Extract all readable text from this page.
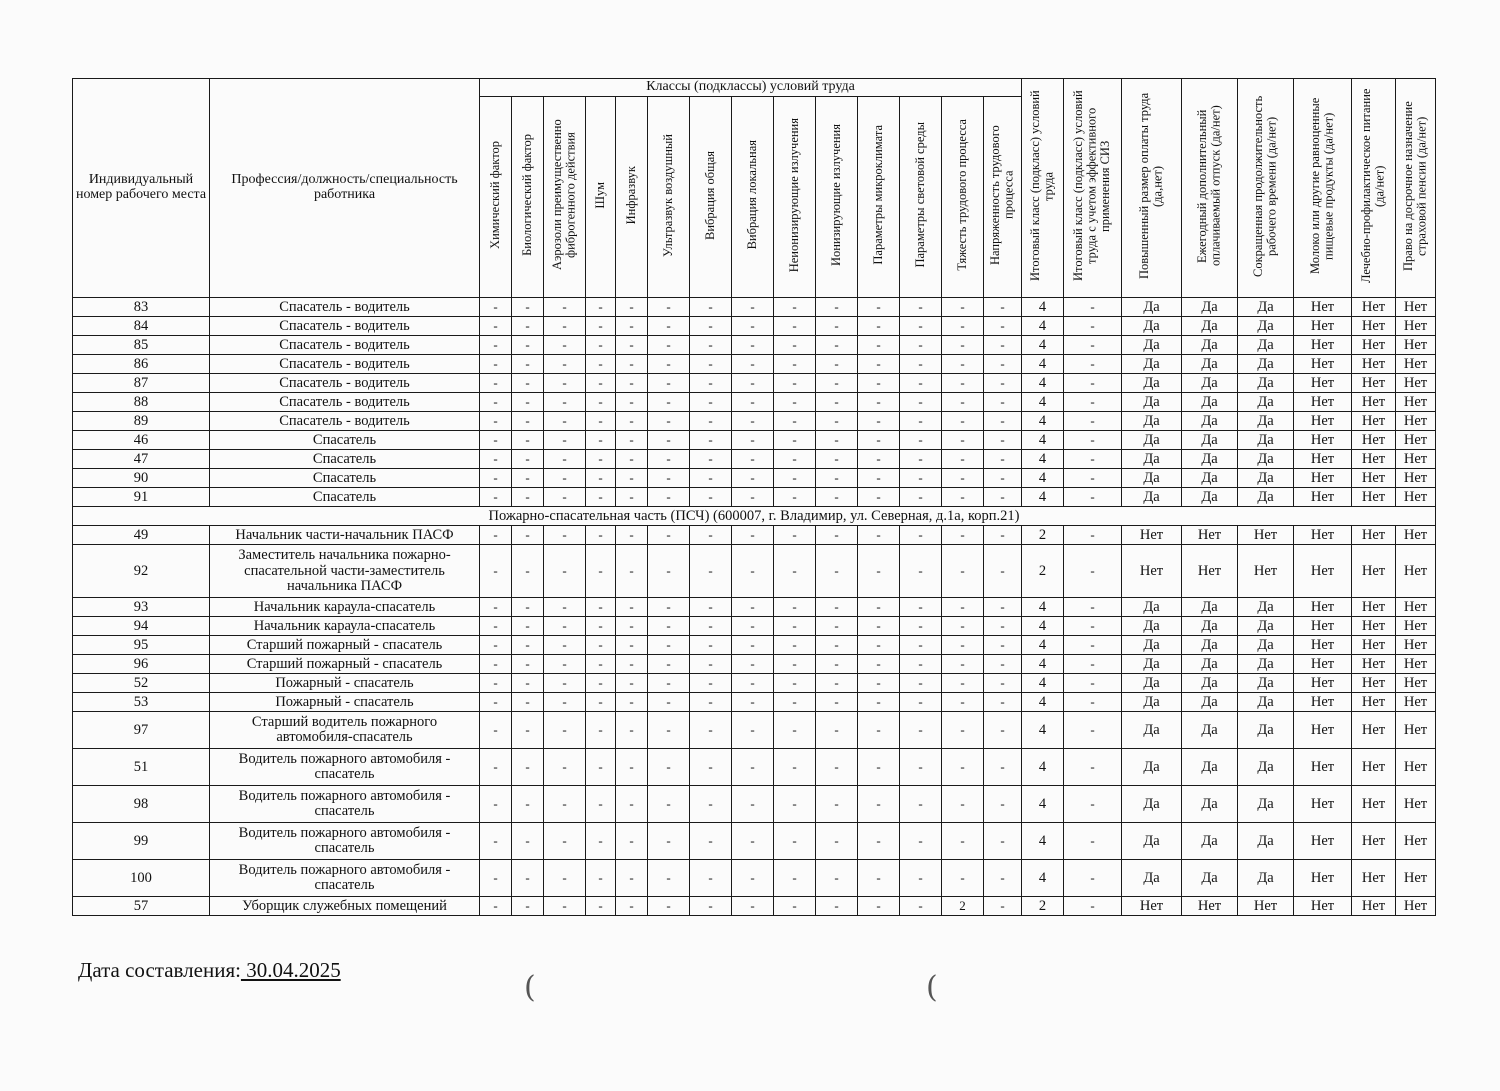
Индивидуальный номер рабочего места	Профессия/должность/специальность работника	Классы (подклассы) условий труда														Итоговый класс (подкласс) условий труда	Итоговый класс (подкласс) условий труда с учетом эффективного применения СИЗ	Повышенный размер оплаты труда (да,нет)	Ежегодный дополнительный оплачиваемый отпуск (да/нет)	Сокращенная продолжительность рабочего времени (да/нет)	Молоко или другие равноценные пищевые продукты (да/нет)	Лечебно-профилактическое питание (да/нет)	Право на досрочное назначение страховой пенсии (да/нет)
		Химический фактор	Биологический фактор	Аэрозоли преимущественно фиброгенного действия	Шум	Инфразвук	Ультразвук воздушный	Вибрация общая	Вибрация локальная	Неионизирующие излучения	Ионизирующие излучения	Параметры микроклимата	Параметры световой среды	Тяжесть трудового процесса	Напряженность трудового процесса								
83	Спасатель - водитель	-	-	-	-	-	-	-	-	-	-	-	-	-	-	4	-	Да	Да	Да	Нет	Нет	Нет
84	Спасатель - водитель	-	-	-	-	-	-	-	-	-	-	-	-	-	-	4	-	Да	Да	Да	Нет	Нет	Нет
85	Спасатель - водитель	-	-	-	-	-	-	-	-	-	-	-	-	-	-	4	-	Да	Да	Да	Нет	Нет	Нет
86	Спасатель - водитель	-	-	-	-	-	-	-	-	-	-	-	-	-	-	4	-	Да	Да	Да	Нет	Нет	Нет
87	Спасатель - водитель	-	-	-	-	-	-	-	-	-	-	-	-	-	-	4	-	Да	Да	Да	Нет	Нет	Нет
88	Спасатель - водитель	-	-	-	-	-	-	-	-	-	-	-	-	-	-	4	-	Да	Да	Да	Нет	Нет	Нет
89	Спасатель - водитель	-	-	-	-	-	-	-	-	-	-	-	-	-	-	4	-	Да	Да	Да	Нет	Нет	Нет
46	Спасатель	-	-	-	-	-	-	-	-	-	-	-	-	-	-	4	-	Да	Да	Да	Нет	Нет	Нет
47	Спасатель	-	-	-	-	-	-	-	-	-	-	-	-	-	-	4	-	Да	Да	Да	Нет	Нет	Нет
90	Спасатель	-	-	-	-	-	-	-	-	-	-	-	-	-	-	4	-	Да	Да	Да	Нет	Нет	Нет
91	Спасатель	-	-	-	-	-	-	-	-	-	-	-	-	-	-	4	-	Да	Да	Да	Нет	Нет	Нет
Пожарно-спасательная часть (ПСЧ) (600007, г. Владимир, ул. Северная, д.1а, корп.21)																							
49	Начальник части-начальник ПАСФ	-	-	-	-	-	-	-	-	-	-	-	-	-	-	2	-	Нет	Нет	Нет	Нет	Нет	Нет
92	Заместитель начальника пожарно-спасательной части-заместитель начальника ПАСФ	-	-	-	-	-	-	-	-	-	-	-	-	-	-	2	-	Нет	Нет	Нет	Нет	Нет	Нет
93	Начальник караула-спасатель	-	-	-	-	-	-	-	-	-	-	-	-	-	-	4	-	Да	Да	Да	Нет	Нет	Нет
94	Начальник караула-спасатель	-	-	-	-	-	-	-	-	-	-	-	-	-	-	4	-	Да	Да	Да	Нет	Нет	Нет
95	Старший пожарный - спасатель	-	-	-	-	-	-	-	-	-	-	-	-	-	-	4	-	Да	Да	Да	Нет	Нет	Нет
96	Старший пожарный - спасатель	-	-	-	-	-	-	-	-	-	-	-	-	-	-	4	-	Да	Да	Да	Нет	Нет	Нет
52	Пожарный - спасатель	-	-	-	-	-	-	-	-	-	-	-	-	-	-	4	-	Да	Да	Да	Нет	Нет	Нет
53	Пожарный - спасатель	-	-	-	-	-	-	-	-	-	-	-	-	-	-	4	-	Да	Да	Да	Нет	Нет	Нет
97	Старший водитель пожарного автомобиля-спасатель	-	-	-	-	-	-	-	-	-	-	-	-	-	-	4	-	Да	Да	Да	Нет	Нет	Нет
51	Водитель пожарного автомобиля - спасатель	-	-	-	-	-	-	-	-	-	-	-	-	-	-	4	-	Да	Да	Да	Нет	Нет	Нет
98	Водитель пожарного автомобиля - спасатель	-	-	-	-	-	-	-	-	-	-	-	-	-	-	4	-	Да	Да	Да	Нет	Нет	Нет
99	Водитель пожарного автомобиля - спасатель	-	-	-	-	-	-	-	-	-	-	-	-	-	-	4	-	Да	Да	Да	Нет	Нет	Нет
100	Водитель пожарного автомобиля - спасатель	-	-	-	-	-	-	-	-	-	-	-	-	-	-	4	-	Да	Да	Да	Нет	Нет	Нет
57	Уборщик служебных помещений	-	-	-	-	-	-	-	-	-	-	-	-	2	-	2	-	Нет	Нет	Нет	Нет	Нет	Нет
Дата составления: 30.04.2025	(	(
